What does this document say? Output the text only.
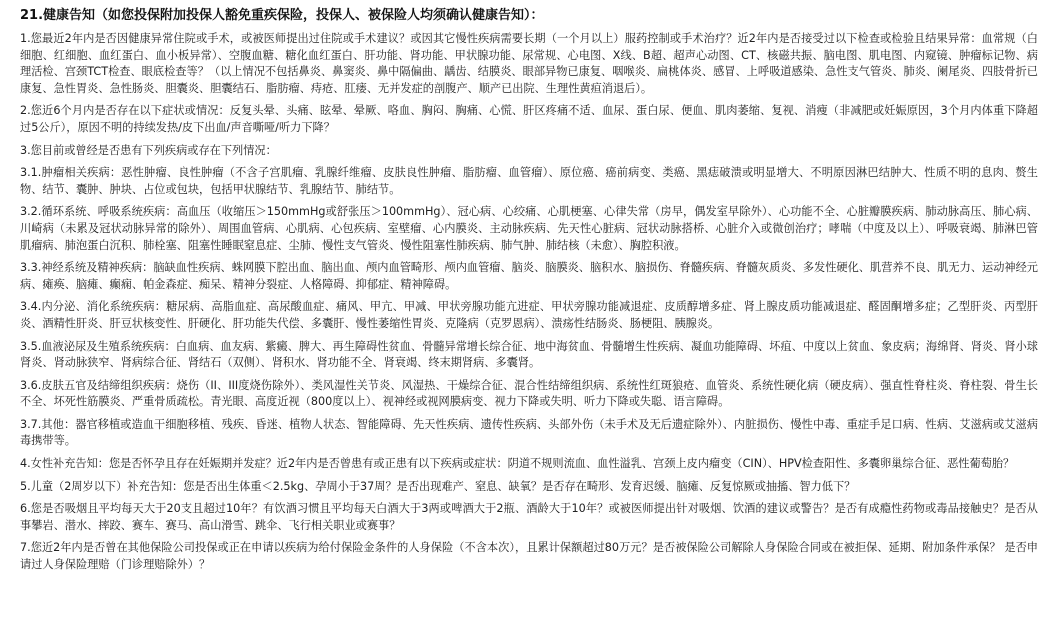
21.健康告知（如您投保附加投保人豁免重疾保险，投保人、被保险人均须确认健康告知）：
1.您最近2年内是否因健康异常住院或手术，或被医师提出过住院或手术建议？或因其它慢性疾病需要长期（一个月以上）服药控制或手术治疗？近2年内是否接受过以下检查或检验且结果异常：血常规（白细胞、红细胞、血红蛋白、血小板异常）、空腹血糖、糖化血红蛋白、肝功能、肾功能、甲状腺功能、尿常规、心电图、X线、B超、超声心动图、CT、核磁共振、脑电图、肌电图、内窥镜、肿瘤标记物、病理活检、宫颈TCT检查、眼底检查等？（以上情况不包括鼻炎、鼻窦炎、鼻中隔偏曲、龋齿、结膜炎、眼部异物已康复、咽喉炎、扁桃体炎、感冒、上呼吸道感染、急性支气管炎、肺炎、阑尾炎、四肢骨折已康复、急性胃炎、急性肠炎、胆囊炎、胆囊结石、脂肪瘤、痔疮、肛瘘、无并发症的剖腹产、顺产已出院、生理性黄疸消退后）。
2.您近6个月内是否存在以下症状或情况：反复头晕、头痛、眩晕、晕厥、咯血、胸闷、胸痛、心慌、肝区疼痛不适、血尿、蛋白尿、便血、肌肉萎缩、复视、消瘦（非减肥或妊娠原因，3个月内体重下降超过5公斤），原因不明的持续发热/皮下出血/声音嘶哑/听力下降？
3.您目前或曾经是否患有下列疾病或存在下列情况：
3.1.肿瘤相关疾病：恶性肿瘤、良性肿瘤（不含子宫肌瘤、乳腺纤维瘤、皮肤良性肿瘤、脂肪瘤、血管瘤）、原位癌、癌前病变、类癌、黑痣破溃或明显增大、不明原因淋巴结肿大、性质不明的息肉、赘生物、结节、囊肿、肿块、占位或包块，包括甲状腺结节、乳腺结节、肺结节。
3.2.循环系统、呼吸系统疾病：高血压（收缩压＞150mmHg或舒张压＞100mmHg）、冠心病、心绞痛、心肌梗塞、心律失常（房早，偶发室早除外）、心功能不全、心脏瓣膜疾病、肺动脉高压、肺心病、川崎病（未累及冠状动脉异常的除外）、周围血管病、心肌病、心包疾病、室壁瘤、心内膜炎、主动脉疾病、先天性心脏病、冠状动脉搭桥、心脏介入或微创治疗；哮喘（中度及以上）、呼吸衰竭、肺淋巴管肌瘤病、肺泡蛋白沉积、肺栓塞、阻塞性睡眠窒息症、尘肺、慢性支气管炎、慢性阻塞性肺疾病、肺气肿、肺结核（未愈）、胸腔积液。
3.3.神经系统及精神疾病：脑缺血性疾病、蛛网膜下腔出血、脑出血、颅内血管畸形、颅内血管瘤、脑炎、脑膜炎、脑积水、脑损伤、脊髓疾病、脊髓灰质炎、多发性硬化、肌营养不良、肌无力、运动神经元病、瘫痪、脑瘫、癫痫、帕金森症、痴呆、精神分裂症、人格障碍、抑郁症、精神障碍。
3.4.内分泌、消化系统疾病：糖尿病、高脂血症、高尿酸血症、痛风、甲亢、甲减、甲状旁腺功能亢进症、甲状旁腺功能减退症、皮质醇增多症、肾上腺皮质功能减退症、醛固酮增多症；乙型肝炎、丙型肝炎、酒精性肝炎、肝豆状核变性、肝硬化、肝功能失代偿、多囊肝、慢性萎缩性胃炎、克隆病（克罗恩病）、溃疡性结肠炎、肠梗阻、胰腺炎。
3.5.血液泌尿及生殖系统疾病：白血病、血友病、紫癜、脾大、再生障碍性贫血、骨髓异常增长综合征、地中海贫血、骨髓增生性疾病、凝血功能障碍、坏疽、中度以上贫血、象皮病；海绵肾、肾炎、肾小球肾炎、肾动脉狭窄、肾病综合征、肾结石（双侧）、肾积水、肾功能不全、肾衰竭、终末期肾病、多囊肾。
3.6.皮肤五官及结缔组织疾病：烧伤（II、III度烧伤除外）、类风湿性关节炎、风湿热、干燥综合征、混合性结缔组织病、系统性红斑狼疮、血管炎、系统性硬化病（硬皮病）、强直性脊柱炎、脊柱裂、骨生长不全、坏死性筋膜炎、严重骨质疏松。青光眼、高度近视（800度以上）、视神经或视网膜病变、视力下降或失明、听力下降或失聪、语言障碍。
3.7.其他：器官移植或造血干细胞移植、残疾、昏迷、植物人状态、智能障碍、先天性疾病、遗传性疾病、头部外伤（未手术及无后遗症除外）、内脏损伤、慢性中毒、重症手足口病、性病、艾滋病或艾滋病毒携带等。
4.女性补充告知：您是否怀孕且存在妊娠期并发症？近2年内是否曾患有或正患有以下疾病或症状：阴道不规则流血、血性溢乳、宫颈上皮内瘤变（CIN）、HPV检查阳性、多囊卵巢综合征、恶性葡萄胎？
5.儿童（2周岁以下）补充告知：您是否出生体重＜2.5kg、孕周小于37周？是否出现难产、窒息、缺氧？是否存在畸形、发育迟缓、脑瘫、反复惊厥或抽搐、智力低下？
6.您是否吸烟且平均每天大于20支且超过10年？有饮酒习惯且平均每天白酒大于3两或啤酒大于2瓶、酒龄大于10年？或被医师提出针对吸烟、饮酒的建议或警告？是否有成瘾性药物或毒品接触史？是否从事攀岩、潜水、摔跤、赛车、赛马、高山滑雪、跳伞、飞行相关职业或赛事？
7.您近2年内是否曾在其他保险公司投保或正在申请以疾病为给付保险金条件的人身保险（不含本次），且累计保额超过80万元？是否被保险公司解除人身保险合同或在被拒保、延期、附加条件承保？ 是否申请过人身保险理赔（门诊理赔除外）？
